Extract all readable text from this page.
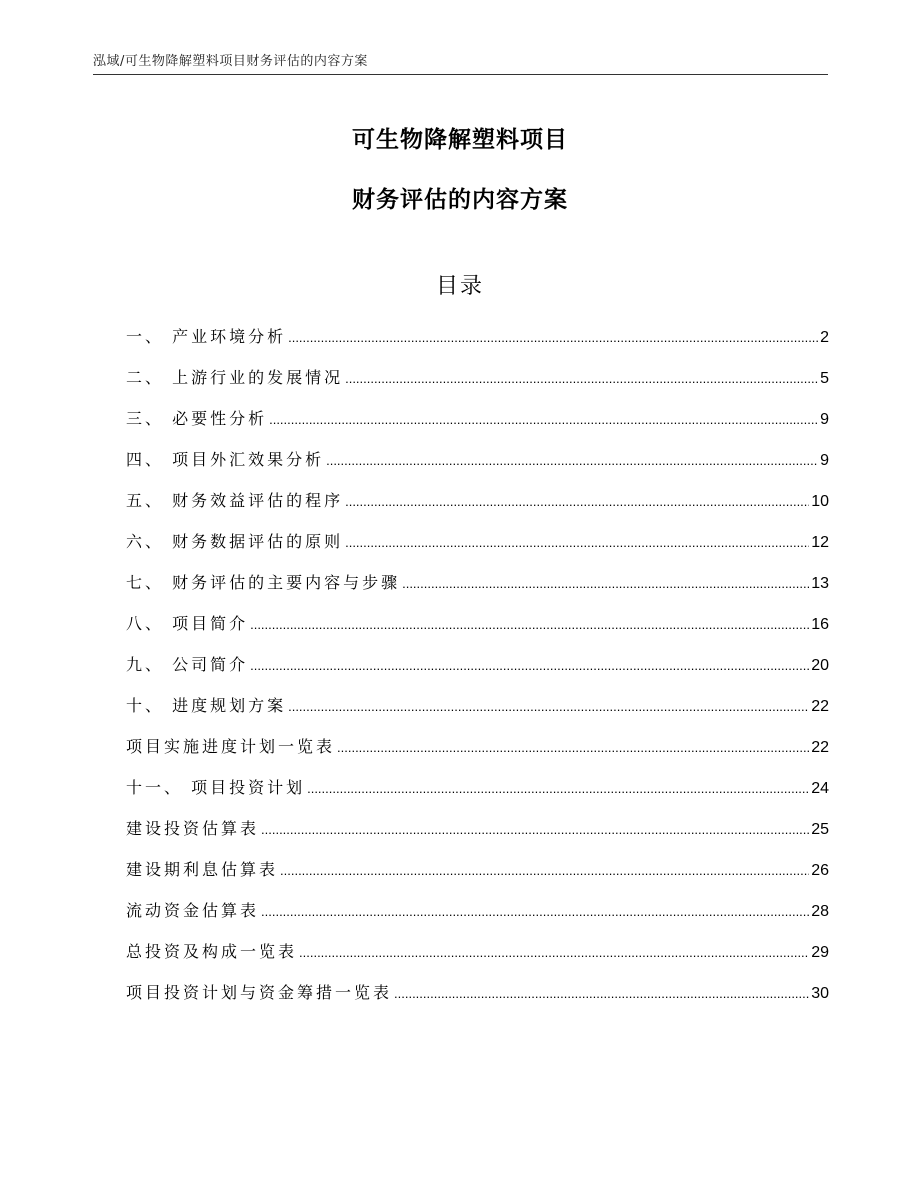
泓域/可生物降解塑料项目财务评估的内容方案
可生物降解塑料项目
财务评估的内容方案
目录
一、 产业环境分析 .....	2
二、 上游行业的发展情况 .....	5
三、 必要性分析 .....	9
四、 项目外汇效果分析 .....	9
五、 财务效益评估的程序 .....	10
六、 财务数据评估的原则 .....	12
七、 财务评估的主要内容与步骤 .....	13
八、 项目简介 .....	16
九、 公司简介 .....	20
十、 进度规划方案 .....	22
项目实施进度计划一览表 .....	22
十一、 项目投资计划 .....	24
建设投资估算表 .....	25
建设期利息估算表 .....	26
流动资金估算表 .....	28
总投资及构成一览表 .....	29
项目投资计划与资金筹措一览表 .....	30
